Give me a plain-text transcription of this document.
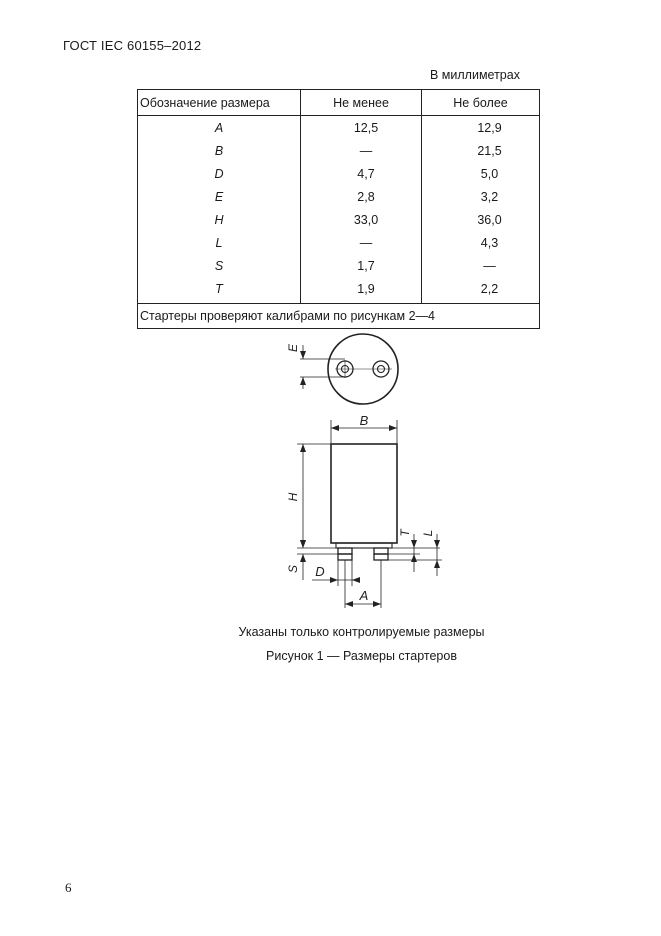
ГОСТ IEC 60155–2012
В миллиметрах
Обозначение размера	Не менее	Не более
A	12,5	12,9
B	—	21,5
D	4,7	5,0
E	2,8	3,2
H	33,0	36,0
L	—	4,3
S	1,7	—
T	1,9	2,2
Стартеры проверяют калибрами по рисункам 2—4		
E
B
H
T L
S D
A
Указаны только контролируемые размеры
Рисунок 1 — Размеры стартеров
6
